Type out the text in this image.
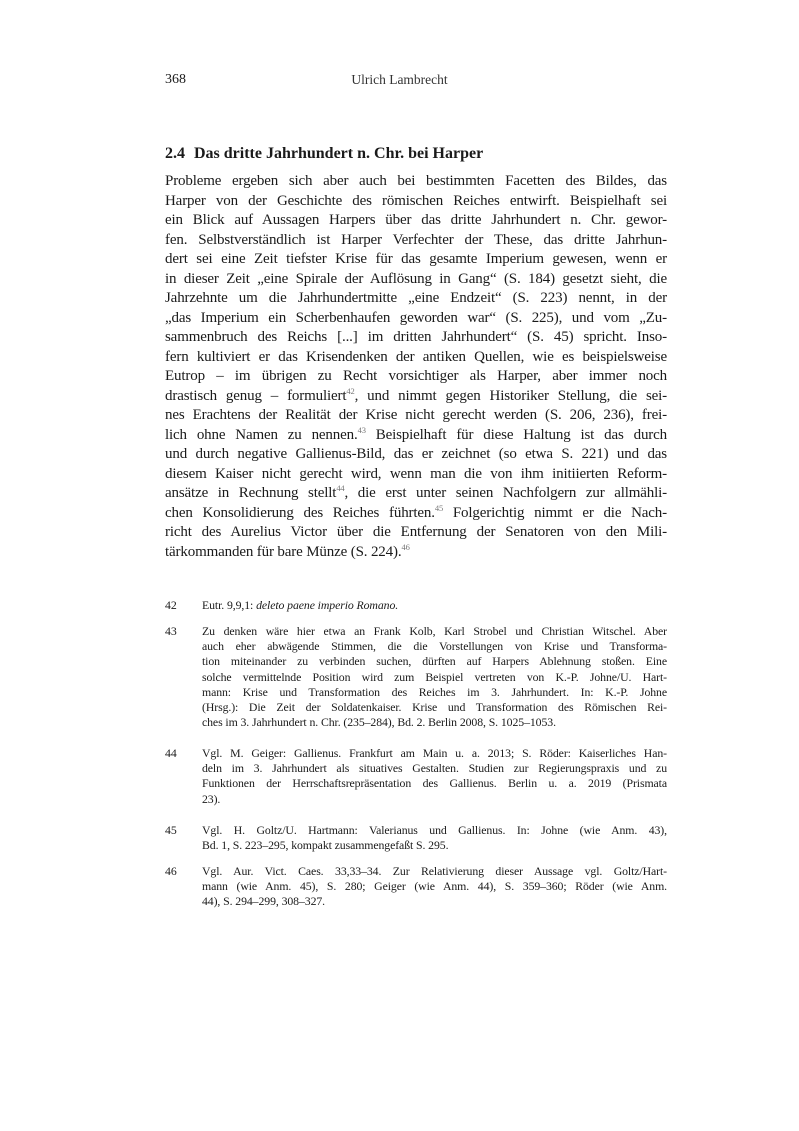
368	Ulrich Lambrecht
2.4 Das dritte Jahrhundert n. Chr. bei Harper
Probleme ergeben sich aber auch bei bestimmten Facetten des Bildes, das
Harper von der Geschichte des römischen Reiches entwirft. Beispielhaft sei
ein Blick auf Aussagen Harpers über das dritte Jahrhundert n. Chr. gewor-
fen. Selbstverständlich ist Harper Verfechter der These, das dritte Jahrhun-
dert sei eine Zeit tiefster Krise für das gesamte Imperium gewesen, wenn er
in dieser Zeit „eine Spirale der Auflösung in Gang“ (S. 184) gesetzt sieht, die
Jahrzehnte um die Jahrhundertmitte „eine Endzeit“ (S. 223) nennt, in der
„das Imperium ein Scherbenhaufen geworden war“ (S. 225), und vom „Zu-
sammenbruch des Reichs [...] im dritten Jahrhundert“ (S. 45) spricht. Inso-
fern kultiviert er das Krisendenken der antiken Quellen, wie es beispielsweise
Eutrop – im übrigen zu Recht vorsichtiger als Harper, aber immer noch
drastisch genug – formuliert$^{42}$, und nimmt gegen Historiker Stellung, die sei-
nes Erachtens der Realität der Krise nicht gerecht werden (S. 206, 236), frei-
lich ohne Namen zu nennen.$^{43}$ Beispielhaft für diese Haltung ist das durch
und durch negative Gallienus-Bild, das er zeichnet (so etwa S. 221) und das
diesem Kaiser nicht gerecht wird, wenn man die von ihm initiierten Reform-
ansätze in Rechnung stellt$^{44}$, die erst unter seinen Nachfolgern zur allmähli-
chen Konsolidierung des Reiches führten.$^{45}$ Folgerichtig nimmt er die Nach-
richt des Aurelius Victor über die Entfernung der Senatoren von den Mili-
tärkommanden für bare Münze (S. 224).$^{46}$
42 Eutr. 9,9,1: deleto paene imperio Romano.
43 Zu denken wäre hier etwa an Frank Kolb, Karl Strobel und Christian Witschel. Aber
auch eher abwägende Stimmen, die die Vorstellungen von Krise und Transforma-
tion miteinander zu verbinden suchen, dürften auf Harpers Ablehnung stoßen. Eine
solche vermittelnde Position wird zum Beispiel vertreten von K.-P. Johne/U. Hart-
mann: Krise und Transformation des Reiches im 3. Jahrhundert. In: K.-P. Johne
(Hrsg.): Die Zeit der Soldatenkaiser. Krise und Transformation des Römischen Rei-
ches im 3. Jahrhundert n. Chr. (235–284), Bd. 2. Berlin 2008, S. 1025–1053.
44 Vgl. M. Geiger: Gallienus. Frankfurt am Main u. a. 2013; S. Röder: Kaiserliches Han-
deln im 3. Jahrhundert als situatives Gestalten. Studien zur Regierungspraxis und zu
Funktionen der Herrschaftsrepräsentation des Gallienus. Berlin u. a. 2019 (Prismata
23).
45 Vgl. H. Goltz/U. Hartmann: Valerianus und Gallienus. In: Johne (wie Anm. 43),
Bd. 1, S. 223–295, kompakt zusammengefaßt S. 295.
46 Vgl. Aur. Vict. Caes. 33,33–34. Zur Relativierung dieser Aussage vgl. Goltz/Hart-
mann (wie Anm. 45), S. 280; Geiger (wie Anm. 44), S. 359–360; Röder (wie Anm.
44), S. 294–299, 308–327.
